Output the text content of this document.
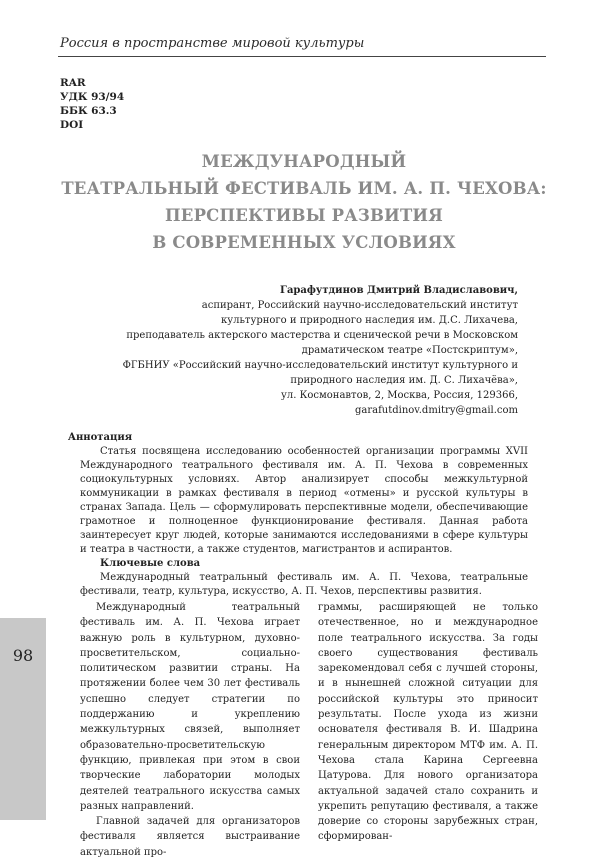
Россия в пространстве мировой культуры
RAR
УДК 93/94
ББК 63.3
DOI
МЕЖДУНАРОДНЫЙ
ТЕАТРАЛЬНЫЙ ФЕСТИВАЛЬ ИМ. А. П. ЧЕХОВА:
ПЕРСПЕКТИВЫ РАЗВИТИЯ
В СОВРЕМЕННЫХ УСЛОВИЯХ
Гарафутдинов Дмитрий Владиславович,
аспирант, Российский научно-исследовательский институт
культурного и природного наследия им. Д.С. Лихачева,
преподаватель актерского мастерства и сценической речи в Московском
драматическом театре «Постскриптум»,
ФГБНИУ «Российский научно-исследовательский институт культурного и
природного наследия им. Д. С. Лихачёва»,
ул. Космонавтов, 2, Москва, Россия, 129366,
garafutdinov.dmitry@gmail.com
Аннотация
Статья посвящена исследованию особенностей организации программы XVII Международного театрального фестиваля им. А. П. Чехова в современных социокультурных условиях. Автор анализирует способы межкультурной коммуникации в рамках фестиваля в период «отмены» и русской культуры в странах Запада. Цель — сформулировать перспективные модели, обеспечивающие грамотное и полноценное функционирование фестиваля. Данная работа заинтересует круг людей, которые занимаются исследованиями в сфере культуры и театра в частности, а также студентов, магистрантов и аспирантов.
Ключевые слова
Международный театральный фестиваль им. А. П. Чехова, театральные фестивали, театр, культура, искусство, А. П. Чехов, перспективы развития.

Международный театральный фестиваль им. А. П. Чехова играет важную роль в культурном, духовно-просветительском, социально-политическом развитии страны. На протяжении более чем 30 лет фестиваль успешно следует стратегии по поддержанию и укреплению межкультурных связей, выполняет образовательно-просветительскую функцию, привлекая при этом в свои творческие лаборатории молодых деятелей театрального искусства самых разных направлений.

Главной задачей для организаторов фестиваля является выстраивание актуальной про-

граммы, расширяющей не только отечественное, но и международное поле театрального искусства. За годы своего существования фестиваль зарекомендовал себя с лучшей стороны, и в нынешней сложной ситуации для российской культуры это приносит результаты. После ухода из жизни основателя фестиваля В. И. Шадрина генеральным директором МТФ им. А. П. Чехова стала Карина Сергеевна Цатурова. Для нового организатора актуальной задачей стало сохранить и укрепить репутацию фестиваля, а также доверие со стороны зарубежных стран, сформирован-

98
